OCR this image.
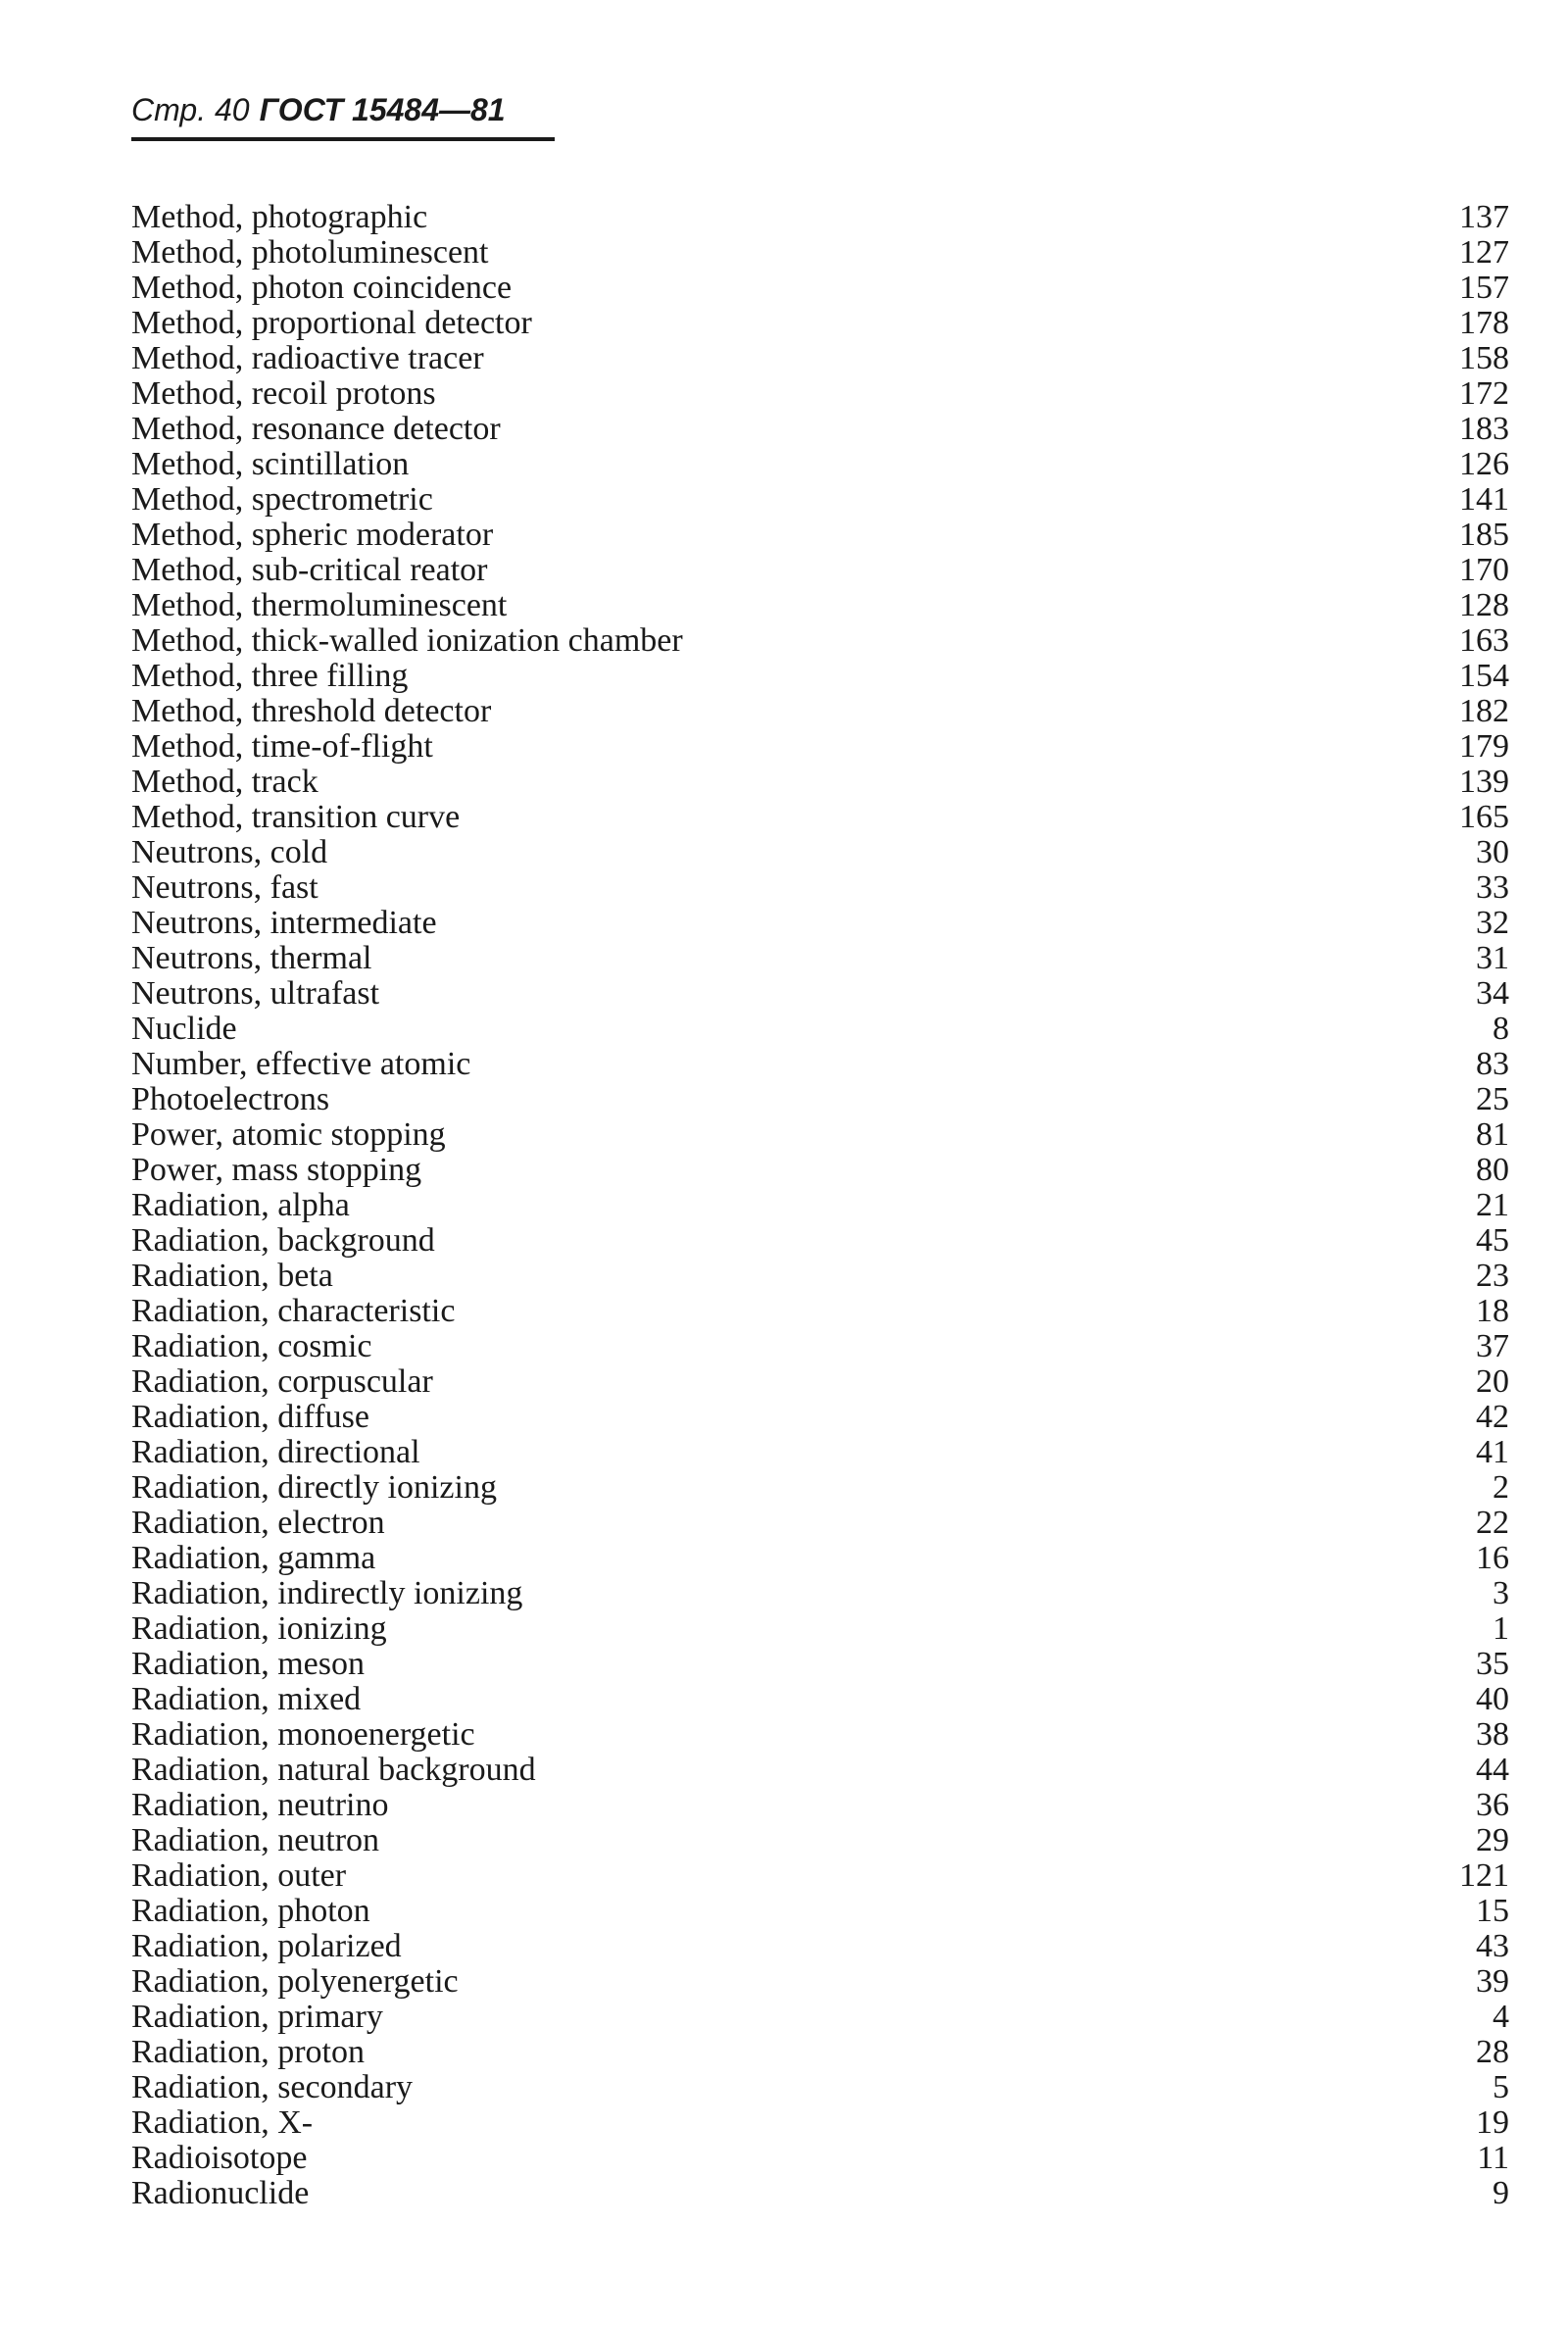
Стр. 40 ГОСТ 15484—81
Method, photographic	137
Method, photoluminescent	127
Method, photon coincidence	157
Method, proportional detector	178
Method, radioactive tracer	158
Method, recoil protons	172
Method, resonance detector	183
Method, scintillation	126
Method, spectrometric	141
Method, spheric moderator	185
Method, sub-critical reator	170
Method, thermoluminescent	128
Method, thick-walled ionization chamber	163
Method, three filling	154
Method, threshold detector	182
Method, time-of-flight	179
Method, track	139
Method, transition curve	165
Neutrons, cold	30
Neutrons, fast	33
Neutrons, intermediate	32
Neutrons, thermal	31
Neutrons, ultrafast	34
Nuclide	8
Number, effective atomic	83
Photoelectrons	25
Power, atomic stopping	81
Power, mass stopping	80
Radiation, alpha	21
Radiation, background	45
Radiation, beta	23
Radiation, characteristic	18
Radiation, cosmic	37
Radiation, corpuscular	20
Radiation, diffuse	42
Radiation, directional	41
Radiation, directly ionizing	2
Radiation, electron	22
Radiation, gamma	16
Radiation, indirectly ionizing	3
Radiation, ionizing	1
Radiation, meson	35
Radiation, mixed	40
Radiation, monoenergetic	38
Radiation, natural background	44
Radiation, neutrino	36
Radiation, neutron	29
Radiation, outer	121
Radiation, photon	15
Radiation, polarized	43
Radiation, polyenergetic	39
Radiation, primary	4
Radiation, proton	28
Radiation, secondary	5
Radiation, X-	19
Radioisotope	11
Radionuclide	9
